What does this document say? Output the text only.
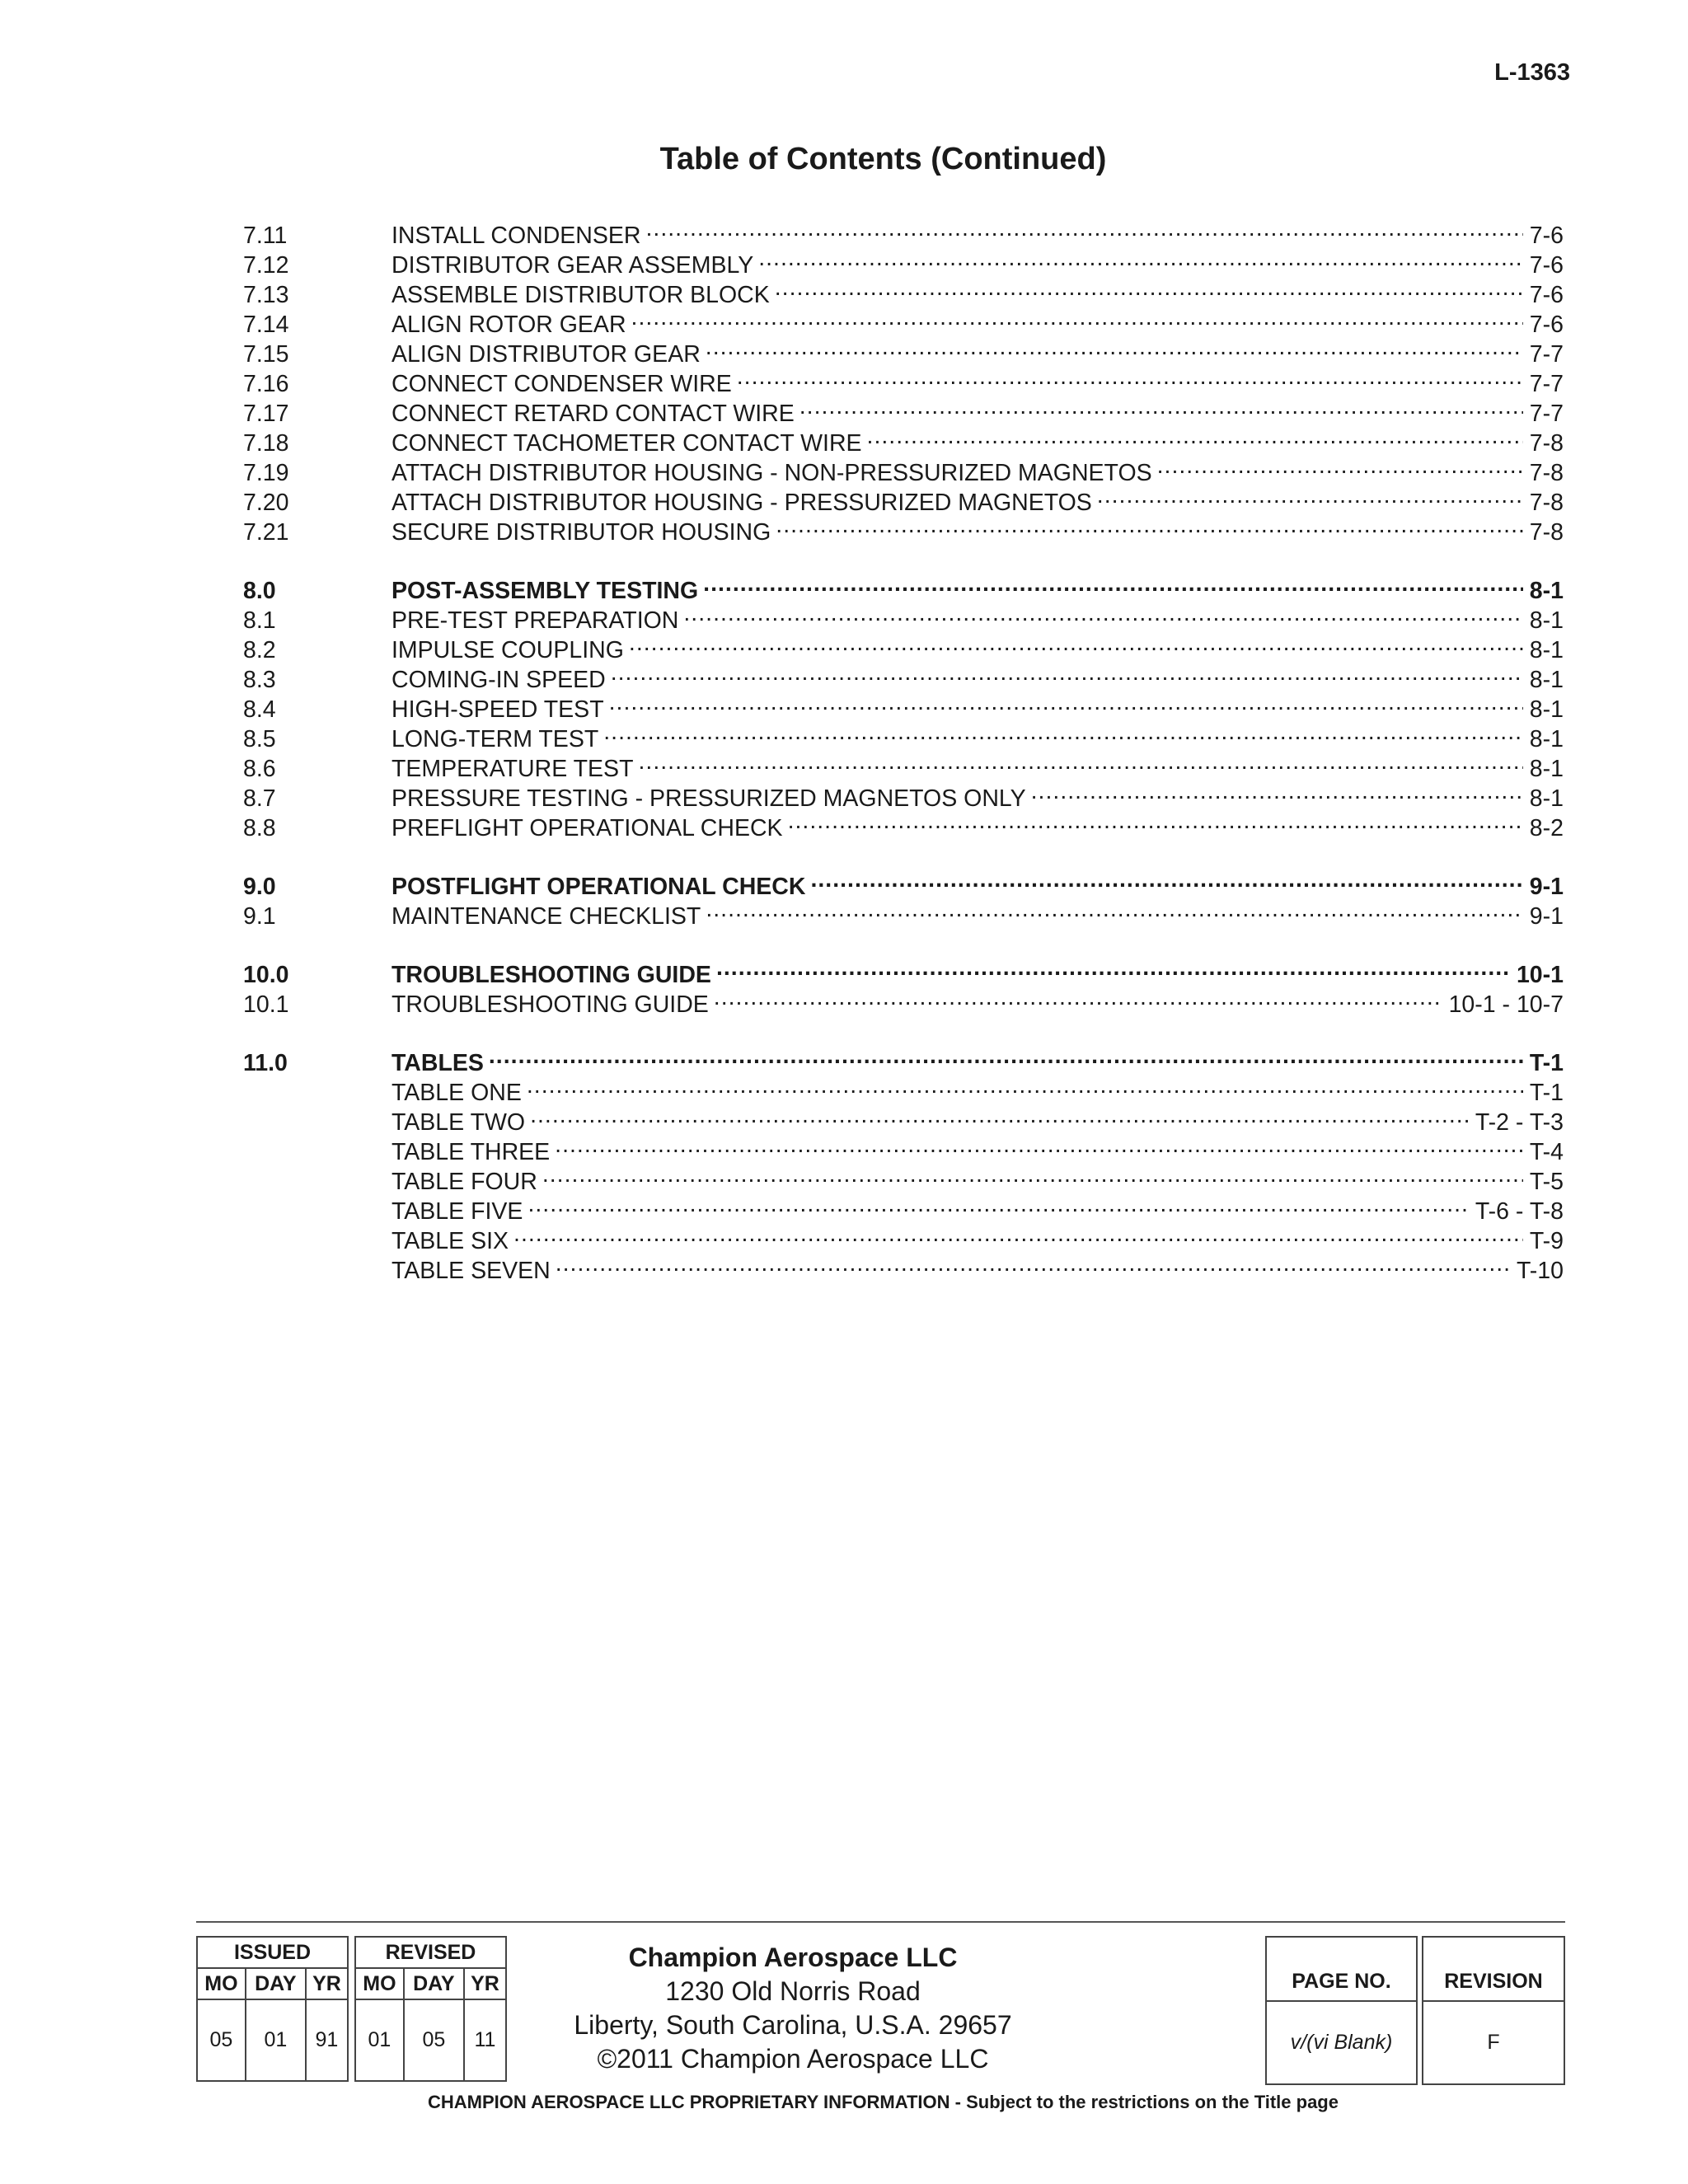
L-1363
Table of Contents (Continued)
7.11	INSTALL CONDENSER .....	7-6
7.12	DISTRIBUTOR GEAR ASSEMBLY .....	7-6
7.13	ASSEMBLE DISTRIBUTOR BLOCK .....	7-6
7.14	ALIGN ROTOR GEAR .....	7-6
7.15	ALIGN DISTRIBUTOR GEAR .....	7-7
7.16	CONNECT CONDENSER WIRE .....	7-7
7.17	CONNECT RETARD CONTACT WIRE .....	7-7
7.18	CONNECT TACHOMETER CONTACT WIRE .....	7-8
7.19	ATTACH DISTRIBUTOR HOUSING - NON-PRESSURIZED MAGNETOS .....	7-8
7.20	ATTACH DISTRIBUTOR HOUSING - PRESSURIZED MAGNETOS .....	7-8
7.21	SECURE DISTRIBUTOR HOUSING .....	7-8
8.0	POST-ASSEMBLY TESTING .....	8-1
8.1	PRE-TEST PREPARATION .....	8-1
8.2	IMPULSE COUPLING .....	8-1
8.3	COMING-IN SPEED .....	8-1
8.4	HIGH-SPEED TEST .....	8-1
8.5	LONG-TERM TEST .....	8-1
8.6	TEMPERATURE TEST .....	8-1
8.7	PRESSURE TESTING - PRESSURIZED MAGNETOS ONLY .....	8-1
8.8	PREFLIGHT OPERATIONAL CHECK .....	8-2
9.0	POSTFLIGHT OPERATIONAL CHECK .....	9-1
9.1	MAINTENANCE CHECKLIST .....	9-1
10.0	TROUBLESHOOTING GUIDE .....	10-1
10.1	TROUBLESHOOTING GUIDE .....	10-1 - 10-7
11.0	TABLES .....	T-1
TABLE ONE .....	T-1
TABLE TWO .....	T-2 - T-3
TABLE THREE .....	T-4
TABLE FOUR .....	T-5
TABLE FIVE .....	T-6 - T-8
TABLE SIX .....	T-9
TABLE SEVEN .....	T-10
ISSUED		
MO	DAY	YR
05	01	91
REVISED		
MO	DAY	YR
01	05	11
Champion Aerospace LLC
1230 Old Norris Road
Liberty, South Carolina, U.S.A. 29657
©2011 Champion Aerospace LLC
PAGE NO.
v/(vi Blank)
REVISION
F
CHAMPION AEROSPACE LLC PROPRIETARY INFORMATION - Subject to the restrictions on the Title page
